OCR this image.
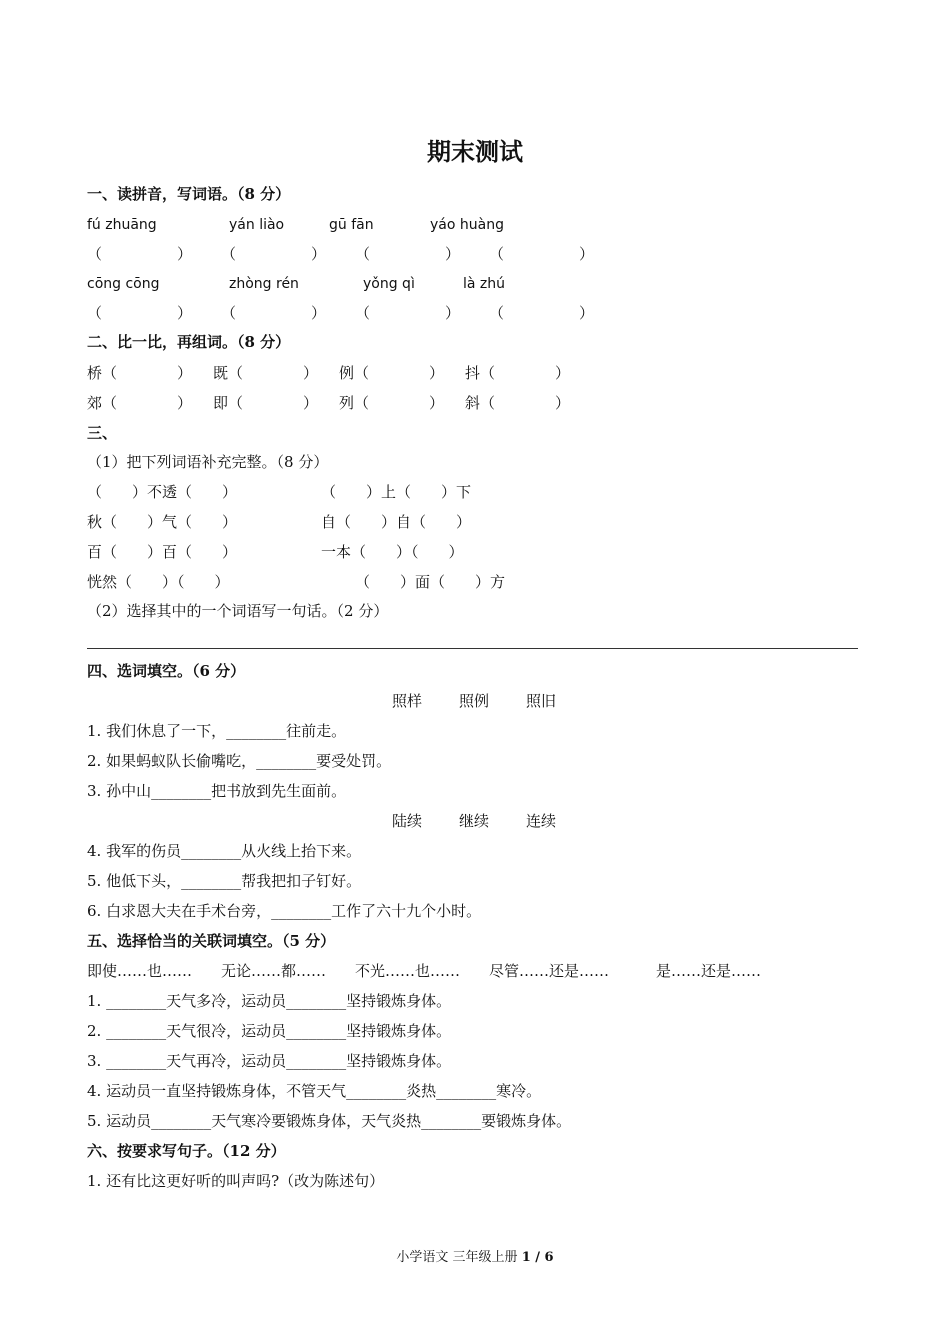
期末测试
一、读拼音，写词语。（8 分）
fú zhuāng	yán liào	gū fān	yáo huàng
（　　　　　） （　　　　　） （　　　　　） （　　　　　）
cōng cōng	zhòng rén	yǒng qì	là zhú
（　　　　　） （　　　　　） （　　　　　） （　　　　　）
二、比一比，再组词。（8 分）
桥（　　　　） 既（　　　　） 例（　　　　） 抖（　　　　）
郊（　　　　） 即（　　　　） 列（　　　　） 斜（　　　　）
三、
（1）把下列词语补充完整。（8 分）
（　　）不透（　　）	（　　）上（　　）下
秋（　　）气（　　）	自（　　）自（　　）
百（　　）百（　　）	一本（　　）（　　）
恍然（　　）（　　）	（　　）面（　　）方
（2）选择其中的一个词语写一句话。（2 分）
四、选词填空。（6 分）
照样 照例 照旧
1. 我们休息了一下，________往前走。
2. 如果蚂蚁队长偷嘴吃，________要受处罚。
3. 孙中山________把书放到先生面前。
陆续 继续 连续
4. 我军的伤员________从火线上抬下来。
5. 他低下头，________帮我把扣子钉好。
6. 白求恩大夫在手术台旁，________工作了六十九个小时。
五、选择恰当的关联词填空。（5 分）
即使……也…… 无论……都…… 不光……也…… 尽管……还是……	是……还是……
1. ________天气多冷，运动员________坚持锻炼身体。
2. ________天气很冷，运动员________坚持锻炼身体。
3. ________天气再冷，运动员________坚持锻炼身体。
4. 运动员一直坚持锻炼身体，不管天气________炎热________寒冷。
5. 运动员________天气寒冷要锻炼身体，天气炎热________要锻炼身体。
六、按要求写句子。（12 分）
1. 还有比这更好听的叫声吗?（改为陈述句）
小学语文 三年级上册 1 / 6
